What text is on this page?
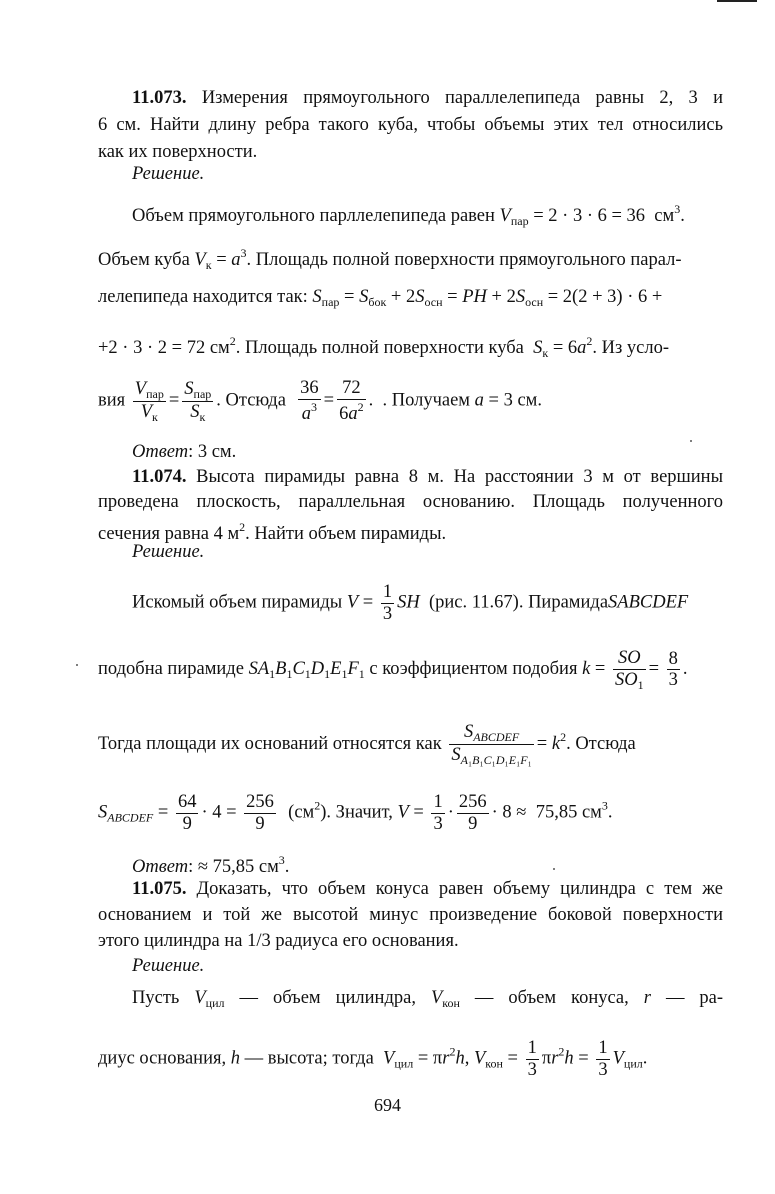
11.073. Измерения прямоугольного параллелепипеда равны 2, 3 и
6 см. Найти длину ребра такого куба, чтобы объемы этих тел относились
как их поверхности.
Решение.
Объем прямоугольного парллелепипеда равен $V_{пар} = 2 \cdot 3 \cdot 6 = 36$  $см^3$.
Объем куба $V_к = a^3$. Площадь полной поверхности прямоугольного парал-
лелепипеда находится так: $S_{пар} = S_{бок} + 2S_{осн}$ = PH + $2S_{осн} = 2(2 + 3) \cdot 6$ +
+2 · 3 · 2 = 72 $см^2$. Площадь полной поверхности куба $S_к = 6a^2$. Из усло-
вия $\frac{V_{пар}}{V_к} = \frac{S_{пар}}{S_к}$ . Отсюда $\frac{36}{a^3} = \frac{72}{6a^2}$ .  . Получаем a = 3 см.
Ответ: 3 см.
11.074. Высота пирамиды равна 8 м. На расстоянии 3 м от вершины
проведена плоскость, параллельная основанию. Площадь полученного
сечения равна 4 $м^2$. Найти объем пирамиды.
Решение.
Искомый объем пирамиды $V = \frac{1}{3}$ SH (рис. 11.67). ПирамидаSABCDEF
подобна пирамиде $SA_1B_1C_1D_1E_1F_1$ с коэффициентом подобия $k = \frac{SO}{SO_1} = \frac{8}{3}$ .
Тогда площади их оснований относятся как $\frac{S_{ABCDEF}}{S_{A_1B_1C_1D_1E_1F_1}} = k^2$. Отсюда
$S_{ABCDEF} = \frac{64}{9} \cdot 4 = \frac{256}{9} (см^2)$. Значит, $V = \frac{1}{3} \cdot \frac{256}{9} \cdot 8 \approx 75,85$ $см^3$.
Ответ: ≈ 75,85 $см^3$.
11.075. Доказать, что объем конуса равен объему цилиндра с тем же
основанием и той же высотой минус произведение боковой поверхности
этого цилиндра на 1/3 радиуса его основания.
Решение.
Пусть $V_{цил}$ — объем цилиндра, $V_{кон}$ — объем конуса, r — ра-
диус основания, h — высота; тогда $V_{цил} = \pi r^2h$, $V_{кон} = \frac{1}{3} \pi r^2h = \frac{1}{3} V_{цил}$.
694
